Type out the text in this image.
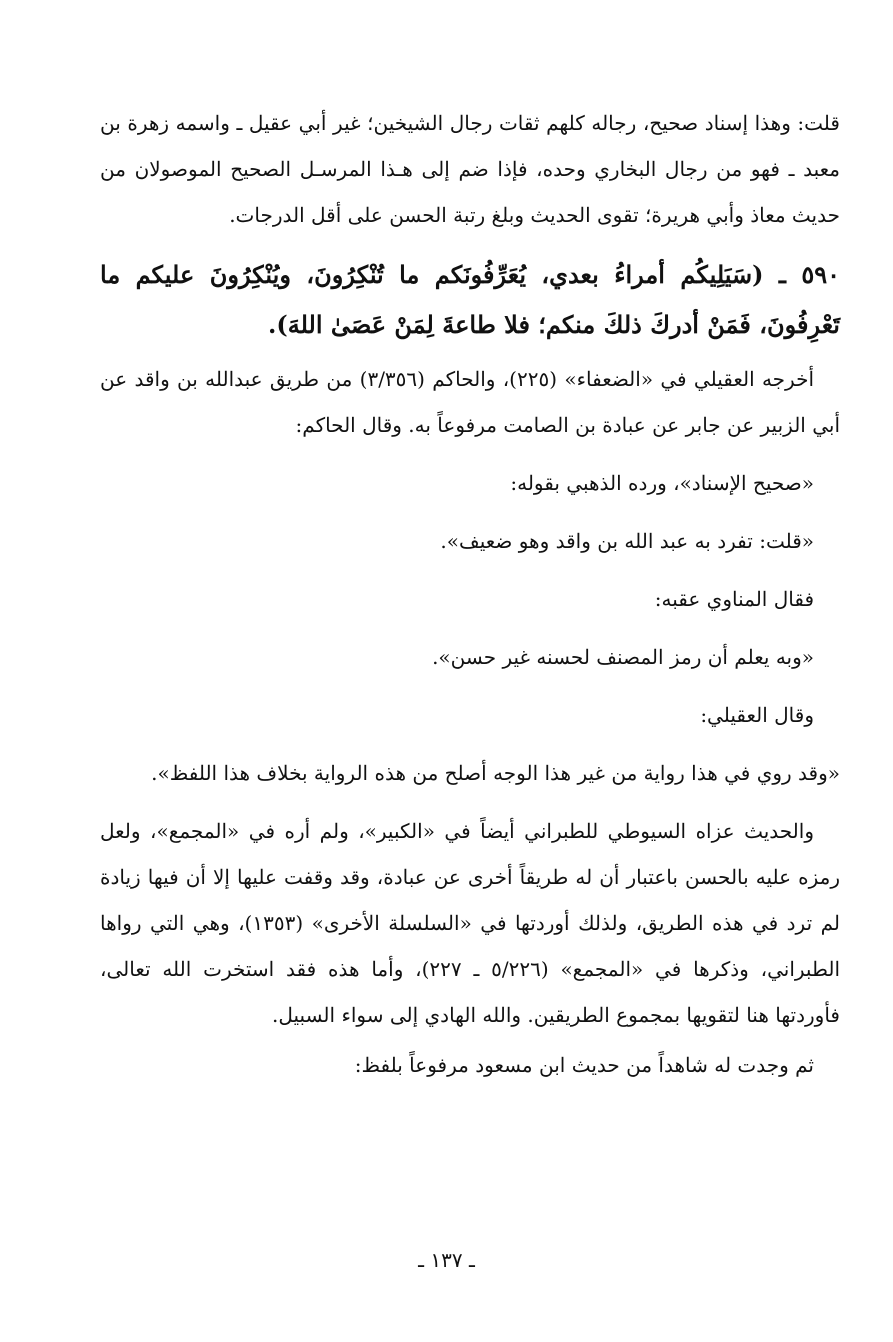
قلت: وهذا إسناد صحيح، رجاله كلهم ثقات رجال الشيخين؛ غير أبي عقيل ـ واسمه زهرة بن معبد ـ فهو من رجال البخاري وحده، فإذا ضم إلى هـذا المرسـل الصحيح الموصولان من حديث معاذ وأبي هريرة؛ تقوى الحديث وبلغ رتبة الحسن على أقل الدرجات.

٥٩٠ ـ (سَيَلِيكُم أمراءُ بعدي، يُعَرِّفُونَكم ما تُنْكِرُونَ، ويُنْكِرُونَ عليكم ما تَعْرِفُونَ، فَمَنْ أدركَ ذلكَ منكم؛ فلا طاعةَ لِمَنْ عَصَىٰ اللهَ).

أخرجه العقيلي في «الضعفاء» (٢٢٥)، والحاكم (٣/٣٥٦) من طريق عبدالله بن واقد عن أبي الزبير عن جابر عن عبادة بن الصامت مرفوعاً به. وقال الحاكم:

«صحيح الإسناد»، ورده الذهبي بقوله:

«قلت: تفرد به عبد الله بن واقد وهو ضعيف».

فقال المناوي عقبه:

«وبه يعلم أن رمز المصنف لحسنه غير حسن».

وقال العقيلي:

«وقد روي في هذا رواية من غير هذا الوجه أصلح من هذه الرواية بخلاف هذا اللفظ».

والحديث عزاه السيوطي للطبراني أيضاً في «الكبير»، ولم أره في «المجمع»، ولعل رمزه عليه بالحسن باعتبار أن له طريقاً أخرى عن عبادة، وقد وقفت عليها إلا أن فيها زيادة لم ترد في هذه الطريق، ولذلك أوردتها في «السلسلة الأخرى» (١٣٥٣)، وهي التي رواها الطبراني، وذكرها في «المجمع» (٥/٢٢٦ ـ ٢٢٧)، وأما هذه فقد استخرت الله تعالى، فأوردتها هنا لتقويها بمجموع الطريقين. والله الهادي إلى سواء السبيل.

ثم وجدت له شاهداً من حديث ابن مسعود مرفوعاً بلفظ:

ـ ١٣٧ ـ
